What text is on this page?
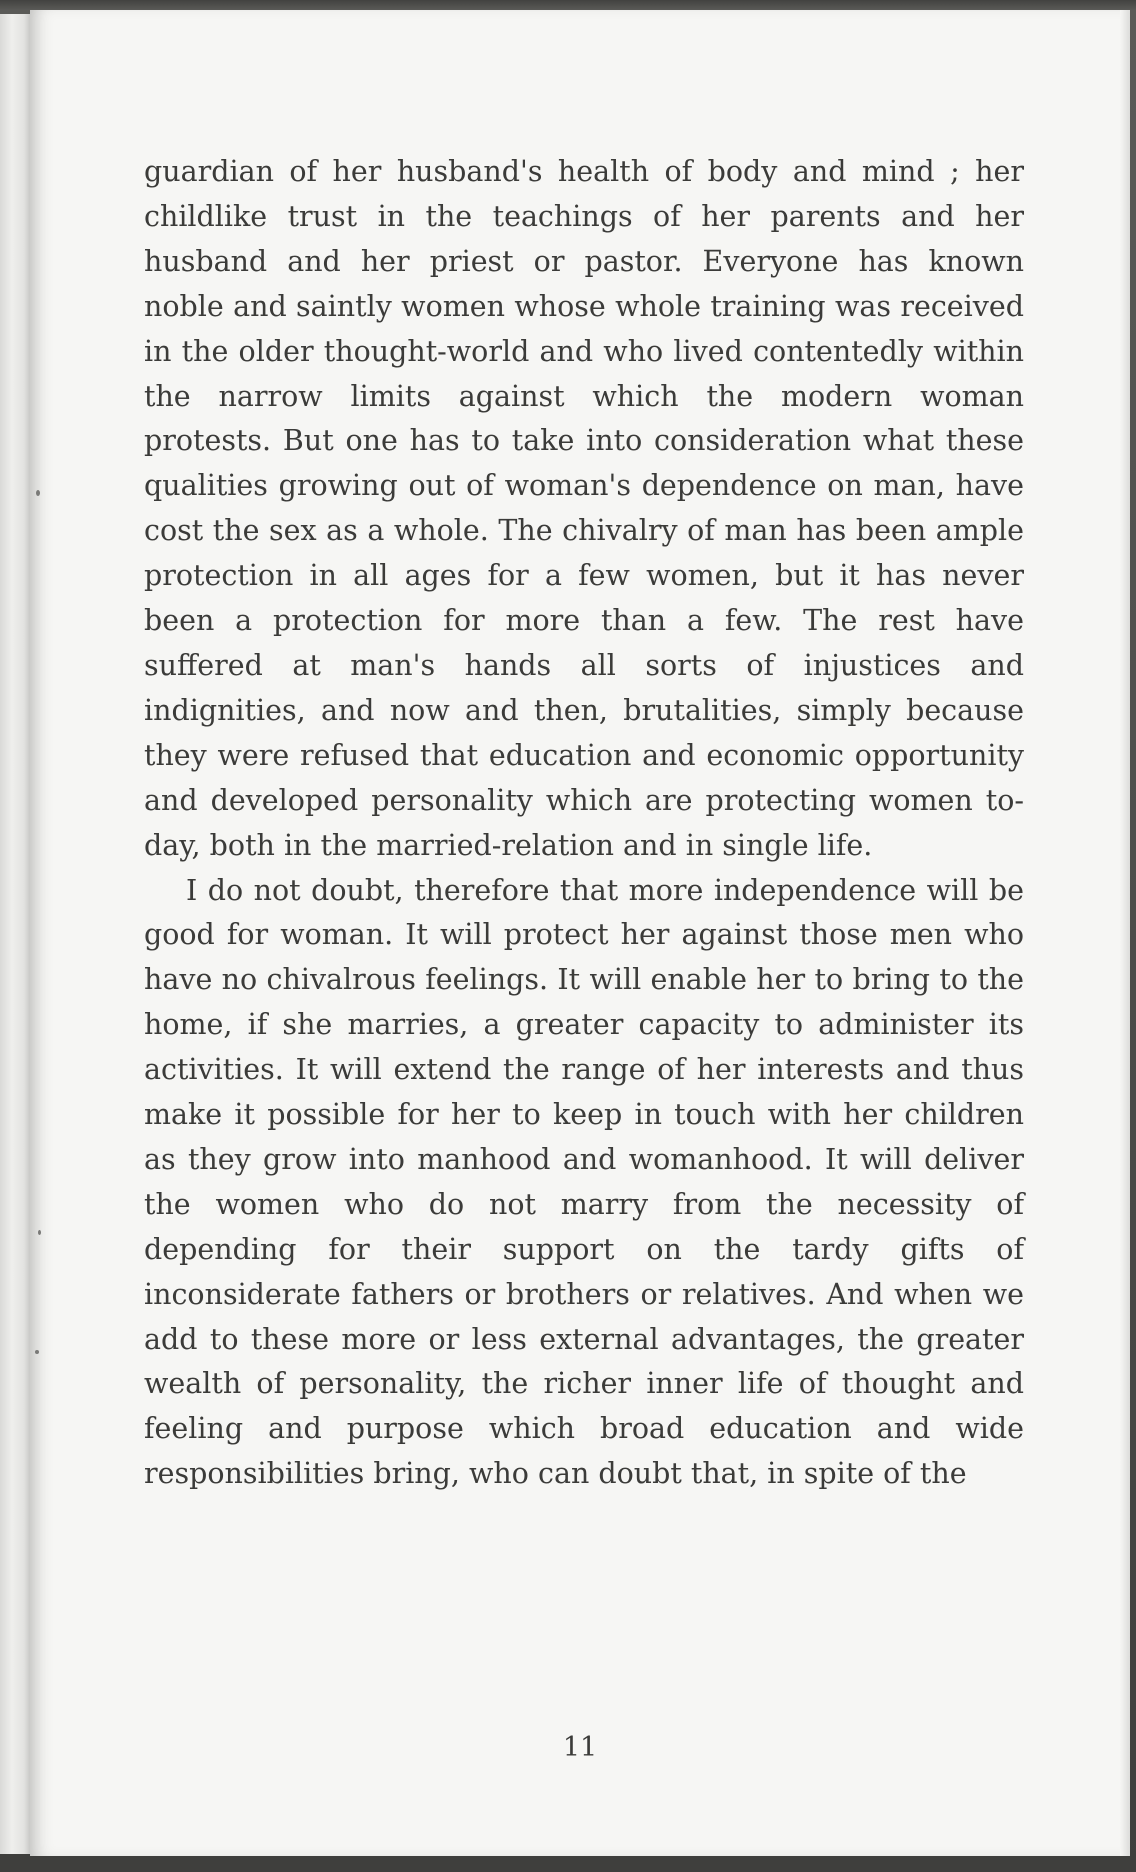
guardian of her husband's health of body and mind ; her childlike trust in the teachings of her parents and her husband and her priest or pastor. Everyone has known noble and saintly women whose whole training was received in the older thought-world and who lived contentedly within the narrow limits against which the modern woman protests. But one has to take into consideration what these qualities growing out of woman's dependence on man, have cost the sex as a whole. The chivalry of man has been ample protection in all ages for a few women, but it has never been a protection for more than a few. The rest have suffered at man's hands all sorts of injustices and indignities, and now and then, brutalities, simply because they were refused that education and economic opportunity and developed personality which are protecting women to-day, both in the married-relation and in single life.

I do not doubt, therefore that more independence will be good for woman. It will protect her against those men who have no chivalrous feelings. It will enable her to bring to the home, if she marries, a greater capacity to administer its activities. It will extend the range of her interests and thus make it possible for her to keep in touch with her children as they grow into manhood and womanhood. It will deliver the women who do not marry from the necessity of depending for their support on the tardy gifts of inconsiderate fathers or brothers or relatives. And when we add to these more or less external advantages, the greater wealth of personality, the richer inner life of thought and feeling and purpose which broad education and wide responsibilities bring, who can doubt that, in spite of the

11
